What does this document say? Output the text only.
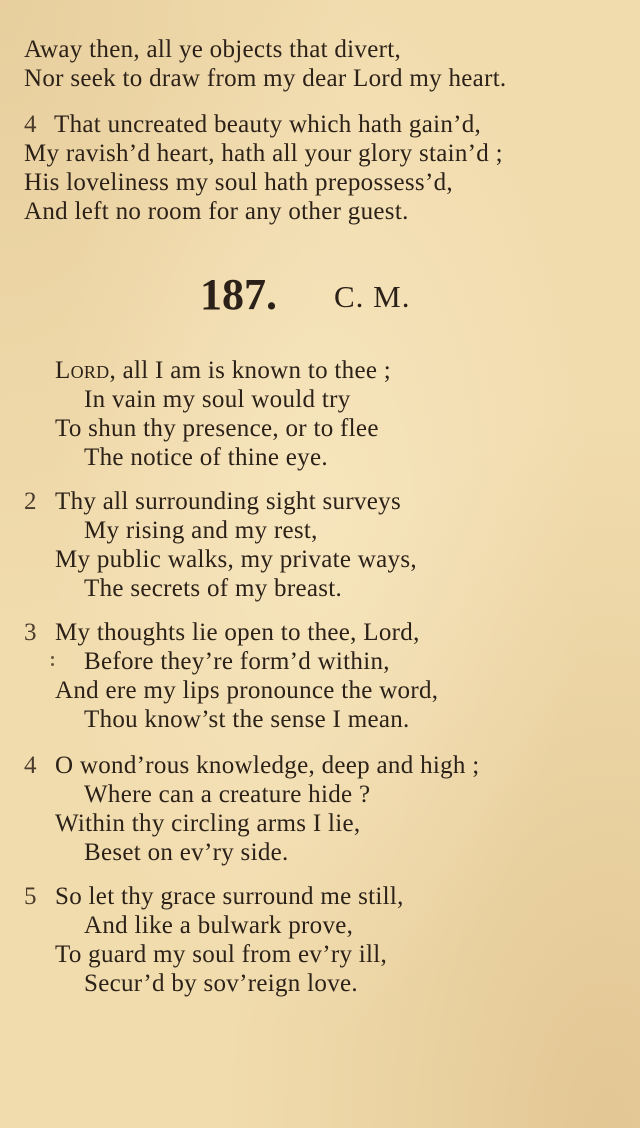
Away then, all ye objects that divert,
Nor seek to draw from my dear Lord my heart.
4 That uncreated beauty which hath gain’d,
My ravish’d heart, hath all your glory stain’d ;
His loveliness my soul hath prepossess’d,
And left no room for any other guest.
187. C. M.
Lord, all I am is known to thee ;
In vain my soul would try
To shun thy presence, or to flee
The notice of thine eye.
2 Thy all surrounding sight surveys
My rising and my rest,
My public walks, my private ways,
The secrets of my breast.
3 My thoughts lie open to thee, Lord,
Before they’re form’d within,
And ere my lips pronounce the word,
Thou know’st the sense I mean.
4 O wond’rous knowledge, deep and high ;
Where can a creature hide ?
Within thy circling arms I lie,
Beset on ev’ry side.
5 So let thy grace surround me still,
And like a bulwark prove,
To guard my soul from ev’ry ill,
Secur’d by sov’reign love.
